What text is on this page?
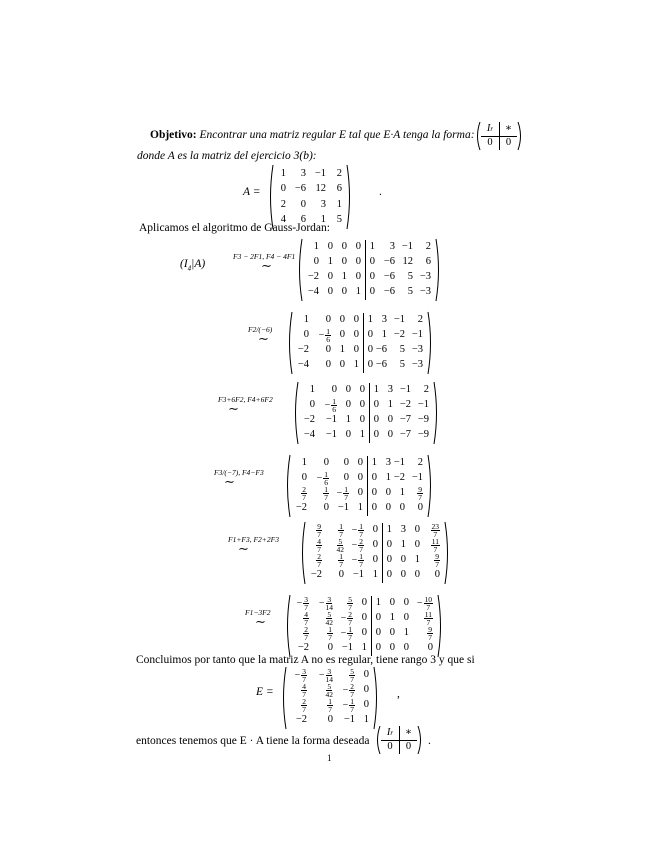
Objetivo: Encontrar una matriz regular E tal que E·A tenga la forma:
I r	∗
0	0
donde A es la matriz del ejercicio 3(b):
A =
1	3 −1	2
0 −6 12	6
2	0	3	1
4	6	1	5
.
Aplicamos el algoritmo de Gauss-Jordan:
$(I_4|A)$
F3 − 2F1, F4 − 4F1
∼
1 0 0 0 1	3 −1	2
0 1 0 0 0 −6 12	6
−2 0 1 0 0 −6	5 −3
−4 0 0 1 0 −6	5 −3
F2/(−6)
∼
1	0 0 0 1 3 −1	2
$0 - \frac{1}{6} 0$ 0 0 1 −2 −1
−2	0 1 0 0 −6	5 −3
−4	0 0 1 0 −6	5 −3
F3+6F2, F4+6F2
∼
1	0 0 0 1 3 −1	2
$0 - \frac{1}{6} 0$ 0 0 1 −2 −1
−2	−1 1 0 0 0 −7 −9
−4	−1 0 1 0 0 −7 −9
F3/(−7), F4−F3
∼
1	0	0 0 1 3 −1	2
$0 - \frac{1}{6}$	0 0 0 1 −2 −1
$\frac{2}{7} \frac{1}{7} - \frac{1}{7} 0$ 0 0 1	$\frac{9}{7}$
−2	0 −1 1 0 0 0	0
F1+F3, F2+2F3
∼
$\frac{9}{7} \frac{1}{7} - \frac{1}{7} 0$ 1 3 0	$\frac{23}{7}$
$\frac{4}{7} \frac{5}{42} - \frac{2}{7} 0$ 0 1 0	$\frac{11}{7}$
$\frac{2}{7} \frac{1}{7} - \frac{1}{7} 0$ 0 0 1	$\frac{9}{7}$
−2	0 −1 1 0 0 0	0
F1−3F2
∼
− $\frac{3}{7} - \frac{3}{14} \frac{5}{7} 0$ 1 0 $0 - \frac{10}{7}$
$\frac{4}{7} \frac{5}{42} - \frac{2}{7} 0$ 0 1 0	$\frac{11}{7}$
$\frac{2}{7} \frac{1}{7} - \frac{1}{7} 0$ 0 0 1	$\frac{9}{7}$
−2	0 −1 1 0 0 0	0
Concluimos por tanto que la matriz A no es regular, tiene rango 3 y que si
E =
− $\frac{3}{7} - \frac{3}{14} \frac{5}{7} 0$
$\frac{4}{7} \frac{5}{42} - \frac{2}{7} 0$
$\frac{2}{7}$	$\frac{1}{7} - \frac{1}{7} 0$
−2	0	−1 1
,
entonces tenemos que E · A tiene la forma deseada
I r	∗
0	0	.
1
